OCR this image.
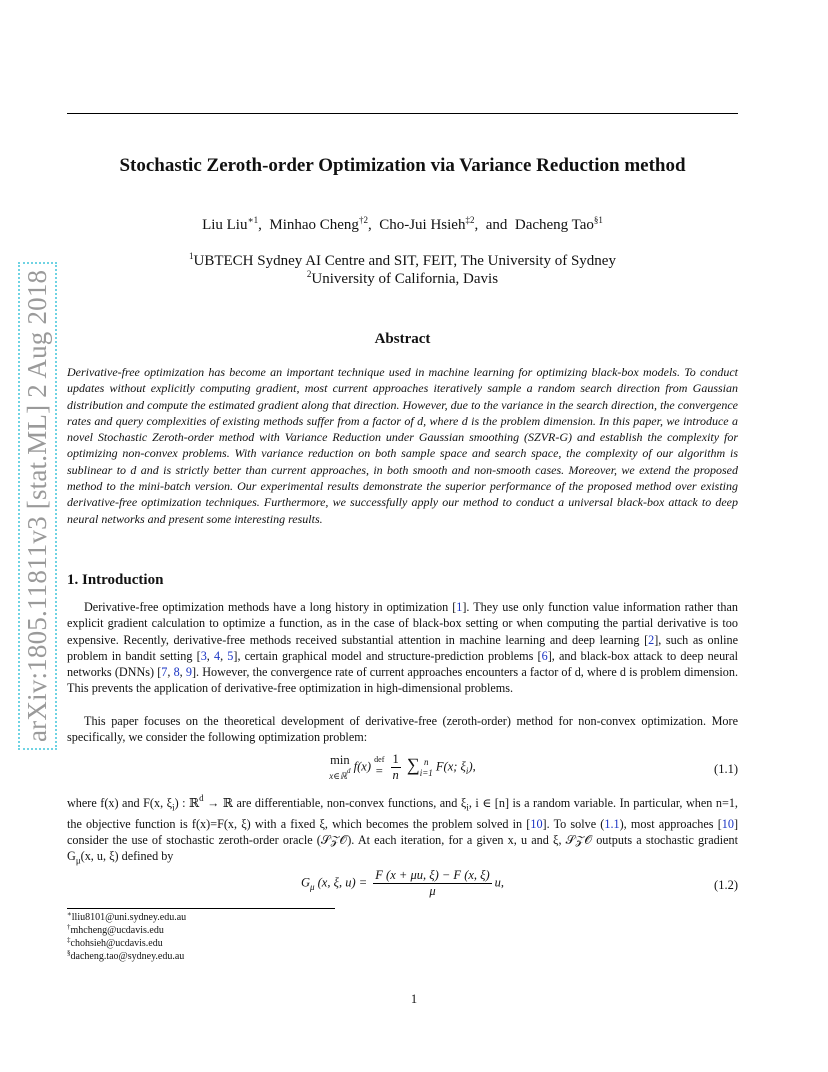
arXiv:1805.11811v3 [stat.ML] 2 Aug 2018
Stochastic Zeroth-order Optimization via Variance Reduction method
Liu Liu$^{∗1}$,  Minhao Cheng$^{\dagger 2}$,  Cho-Jui Hsieh$^{\ddagger 2}$,  and Dacheng Tao$^{\S 1}$
$^1$UBTECH Sydney AI Centre and SIT, FEIT, The University of Sydney
$^2$University of California, Davis
Abstract
Derivative-free optimization has become an important technique used in machine learning for optimizing black-box models. To conduct updates without explicitly computing gradient, most current approaches iteratively sample a random search direction from Gaussian distribution and compute the estimated gradient along that direction. However, due to the variance in the search direction, the convergence rates and query complexities of existing methods suffer from a factor of d, where d is the problem dimension. In this paper, we introduce a novel Stochastic Zeroth-order method with Variance Reduction under Gaussian smoothing (SZVR-G) and establish the complexity for optimizing non-convex problems. With variance reduction on both sample space and search space, the complexity of our algorithm is sublinear to d and is strictly better than current approaches, in both smooth and non-smooth cases. Moreover, we extend the proposed method to the mini-batch version. Our experimental results demonstrate the superior performance of the proposed method over existing derivative-free optimization techniques. Furthermore, we successfully apply our method to conduct a universal black-box attack to deep neural networks and present some interesting results.
1. Introduction
Derivative-free optimization methods have a long history in optimization [1]. They use only function value information rather than explicit gradient calculation to optimize a function, as in the case of black-box setting or when computing the partial derivative is too expensive. Recently, derivative-free methods received substantial attention in machine learning and deep learning [2], such as online problem in bandit setting [3, 4, 5], certain graphical model and structure-prediction problems [6], and black-box attack to deep neural networks (DNNs) [7, 8, 9]. However, the convergence rate of current approaches encounters a factor of d, where d is problem dimension. This prevents the application of derivative-free optimization in high-dimensional problems.
This paper focuses on the theoretical development of derivative-free (zeroth-order) method for non-convex optimization. More specifically, we consider the following optimization problem:
min
x∈ℝ$^d$ f(x) def
= $\frac{1}{n}$ ∑ n
i=1 F(x; $\xi_i$),	(1.1)
where f(x) and F(x, $\xi_i$) : ℝ$^d$ → ℝ are differentiable, non-convex functions, and $\xi_i$, i ∈ [n] is a random variable. In particular, when n=1, the objective function is f(x)=F(x, ξ) with a fixed ξ, which becomes the problem solved in [10]. To solve (1.1), most approaches [10] consider the use of stochastic zeroth-order oracle (𝒮𝒵𝒪). At each iteration, for a given x, u and ξ, 𝒮𝒵𝒪 outputs a stochastic gradient $G_\mu(x$, u, ξ) defined by
$G_\mu$ (x, ξ, $u) = \frac{F (x + \mu u, \xi) - F (x, \xi)}{\mu} u$,	(1.2)
∗lliu8101@uni.sydney.edu.au
†mhcheng@ucdavis.edu
‡chohsieh@ucdavis.edu
§dacheng.tao@sydney.edu.au
1
